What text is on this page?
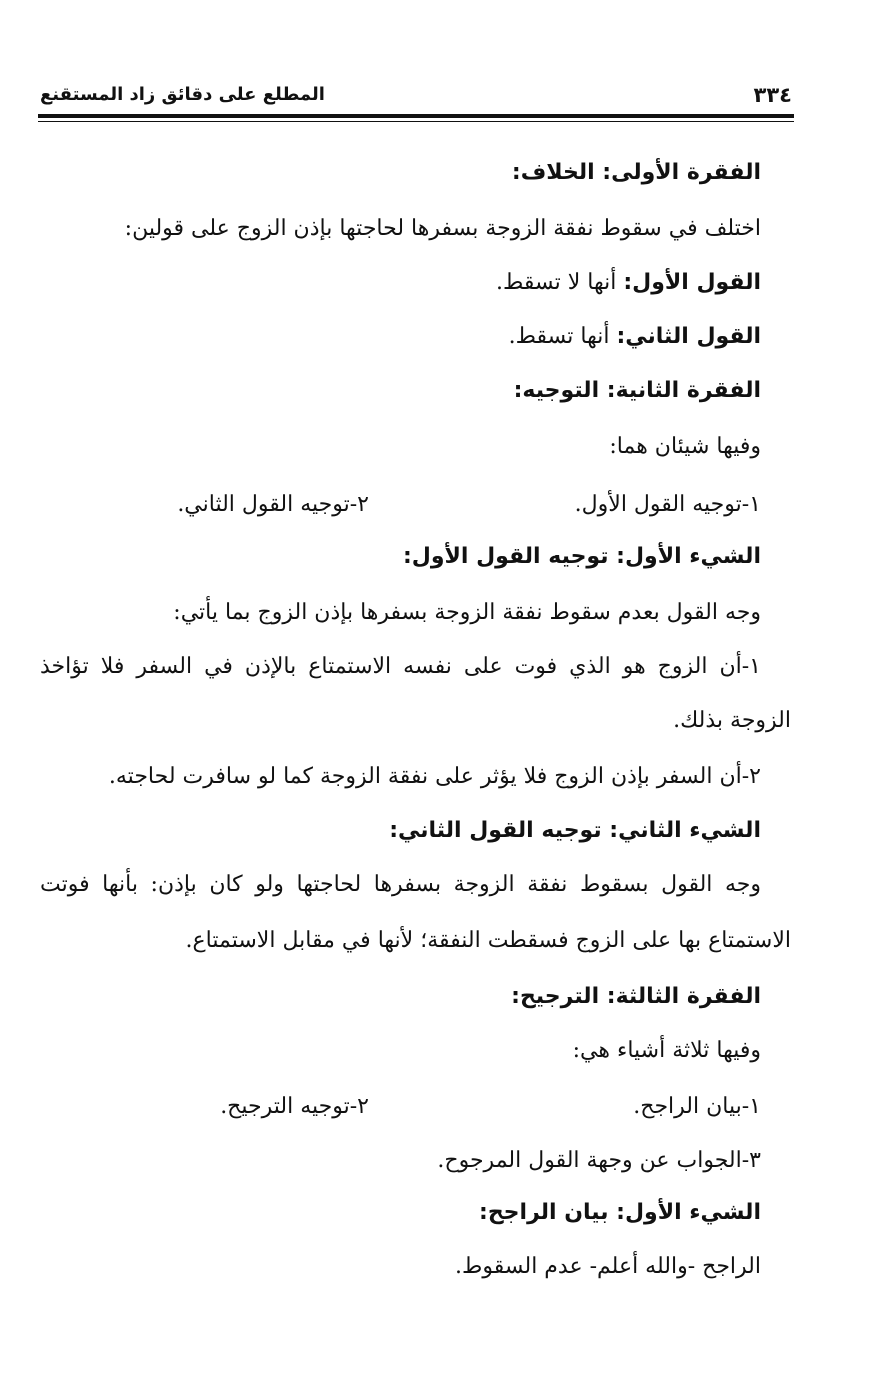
٣٣٤
المطلع على دقائق زاد المستقنع
الفقرة الأولى: الخلاف:
اختلف في سقوط نفقة الزوجة بسفرها لحاجتها بإذن الزوج على قولين:
القول الأول: أنها لا تسقط.
القول الثاني: أنها تسقط.
الفقرة الثانية: التوجيه:
وفيها شيئان هما:
١-توجيه القول الأول.
٢-توجيه القول الثاني.
الشيء الأول: توجيه القول الأول:
وجه القول بعدم سقوط نفقة الزوجة بسفرها بإذن الزوج بما يأتي:
١-أن الزوج هو الذي فوت على نفسه الاستمتاع بالإذن في السفر فلا تؤاخذ
الزوجة بذلك.
٢-أن السفر بإذن الزوج فلا يؤثر على نفقة الزوجة كما لو سافرت لحاجته.
الشيء الثاني: توجيه القول الثاني:
وجه القول بسقوط نفقة الزوجة بسفرها لحاجتها ولو كان بإذن: بأنها فوتت
الاستمتاع بها على الزوج فسقطت النفقة؛ لأنها في مقابل الاستمتاع.
الفقرة الثالثة: الترجيح:
وفيها ثلاثة أشياء هي:
١-بيان الراجح.
٢-توجيه الترجيح.
٣-الجواب عن وجهة القول المرجوح.
الشيء الأول: بيان الراجح:
الراجح -والله أعلم- عدم السقوط.
